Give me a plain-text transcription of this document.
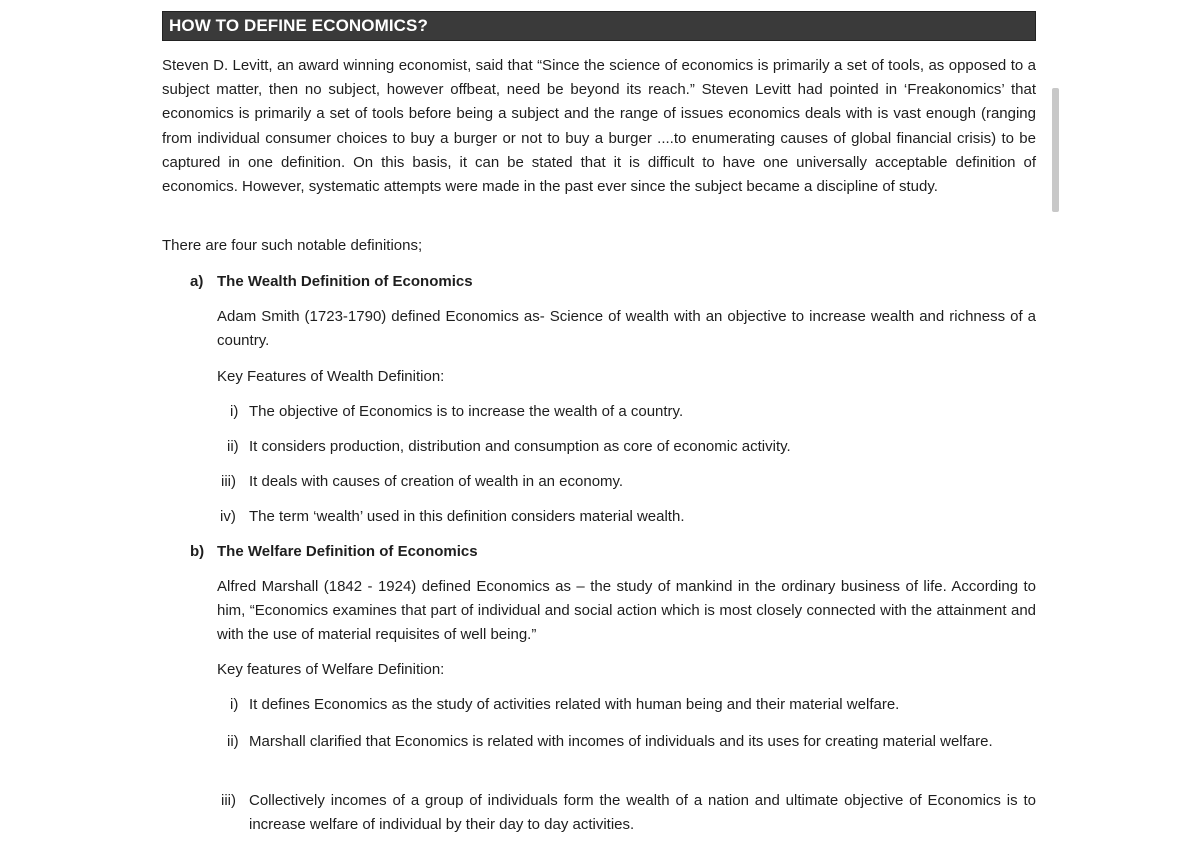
HOW TO DEFINE ECONOMICS?
Steven D. Levitt, an award winning economist, said that “Since the science of economics is primarily a set of tools, as opposed to a subject matter, then no subject, however offbeat, need be beyond its reach.” Steven Levitt had pointed in ‘Freakonomics’ that economics is primarily a set of tools before being a subject and the range of issues economics deals with is vast enough (ranging from individual consumer choices to buy a burger or not to buy a burger ....to enumerating causes of global financial crisis) to be captured in one definition. On this basis, it can be stated that it is difficult to have one universally acceptable definition of economics. However, systematic attempts were made in the past ever since the subject became a discipline of study.
There are four such notable definitions;
a) The Wealth Definition of Economics
Adam Smith (1723-1790) defined Economics as- Science of wealth with an objective to increase wealth and richness of a country.
Key Features of Wealth Definition:
i) The objective of Economics is to increase the wealth of a country.
ii) It considers production, distribution and consumption as core of economic activity.
iii) It deals with causes of creation of wealth in an economy.
iv) The term ‘wealth’ used in this definition considers material wealth.
b) The Welfare Definition of Economics
Alfred Marshall (1842 - 1924) defined Economics as – the study of mankind in the ordinary business of life. According to him, “Economics examines that part of individual and social action which is most closely connected with the attainment and with the use of material requisites of well being.”
Key features of Welfare Definition:
i) It defines Economics as the study of activities related with human being and their material welfare.
ii) Marshall clarified that Economics is related with incomes of individuals and its uses for creating material welfare.
iii) Collectively incomes of a group of individuals form the wealth of a nation and ultimate objective of Economics is to increase welfare of individual by their day to day activities.
